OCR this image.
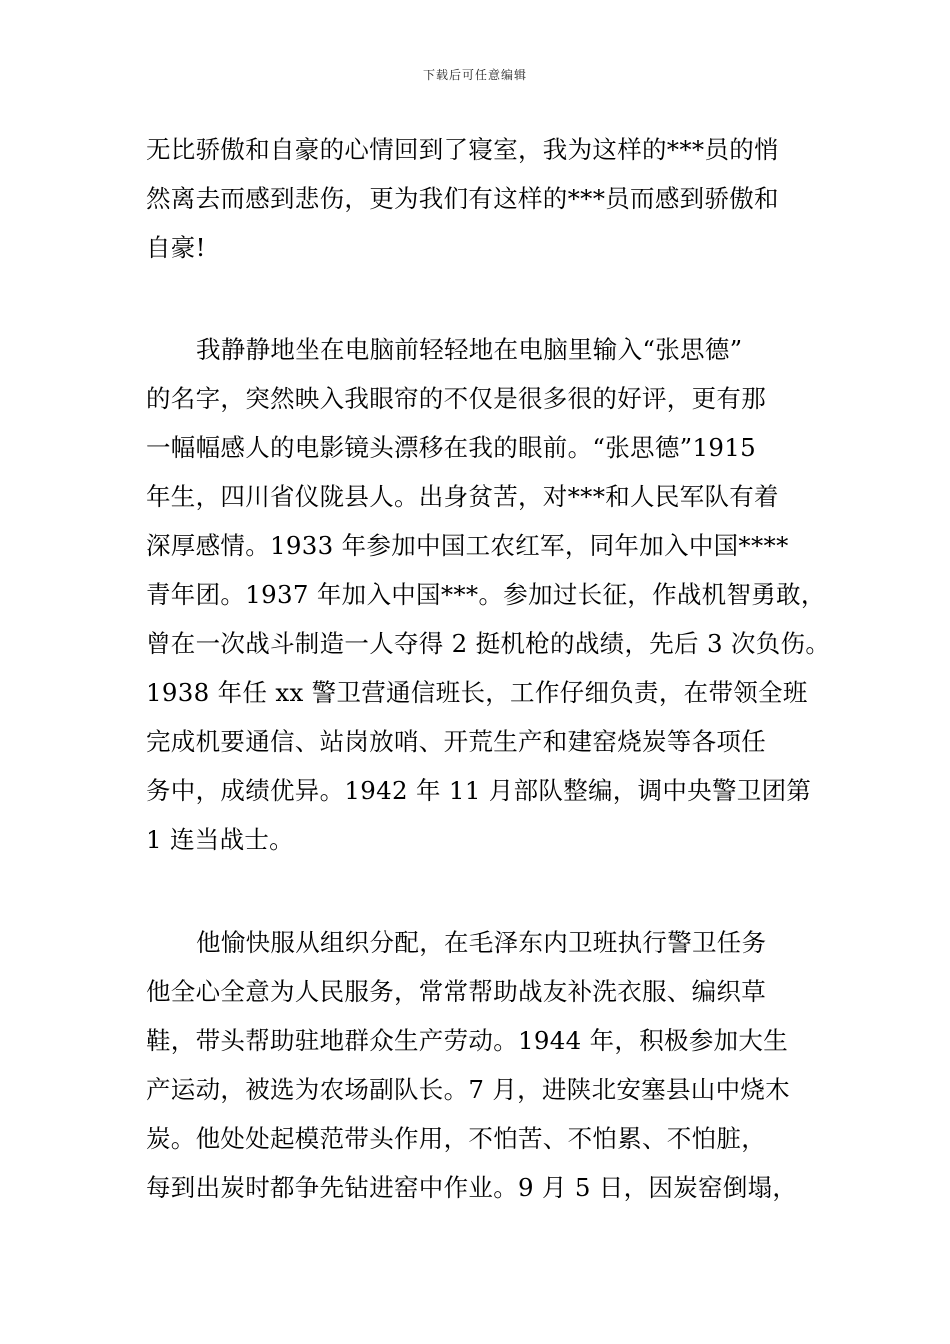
下载后可任意编辑
无比骄傲和自豪的心情回到了寝室，我为这样的***员的悄
然离去而感到悲伤，更为我们有这样的***员而感到骄傲和
自豪!
我静静地坐在电脑前轻轻地在电脑里输入“张思德”
的名字，突然映入我眼帘的不仅是很多很的好评，更有那
一幅幅感人的电影镜头漂移在我的眼前。“张思德”1915
年生，四川省仪陇县人。出身贫苦，对***和人民军队有着
深厚感情。1933 年参加中国工农红军，同年加入中国****
青年团。1937 年加入中国***。参加过长征，作战机智勇敢，
曾在一次战斗制造一人夺得 2 挺机枪的战绩，先后 3 次负伤。
1938 年任 xx 警卫营通信班长，工作仔细负责，在带领全班
完成机要通信、站岗放哨、开荒生产和建窑烧炭等各项任
务中，成绩优异。1942 年 11 月部队整编，调中央警卫团第
1 连当战士。
他愉快服从组织分配，在毛泽东内卫班执行警卫任务
他全心全意为人民服务，常常帮助战友补洗衣服、编织草
鞋，带头帮助驻地群众生产劳动。1944 年，积极参加大生
产运动，被选为农场副队长。7 月，进陕北安塞县山中烧木
炭。他处处起模范带头作用，不怕苦、不怕累、不怕脏，
每到出炭时都争先钻进窑中作业。9 月 5 日，因炭窑倒塌，
